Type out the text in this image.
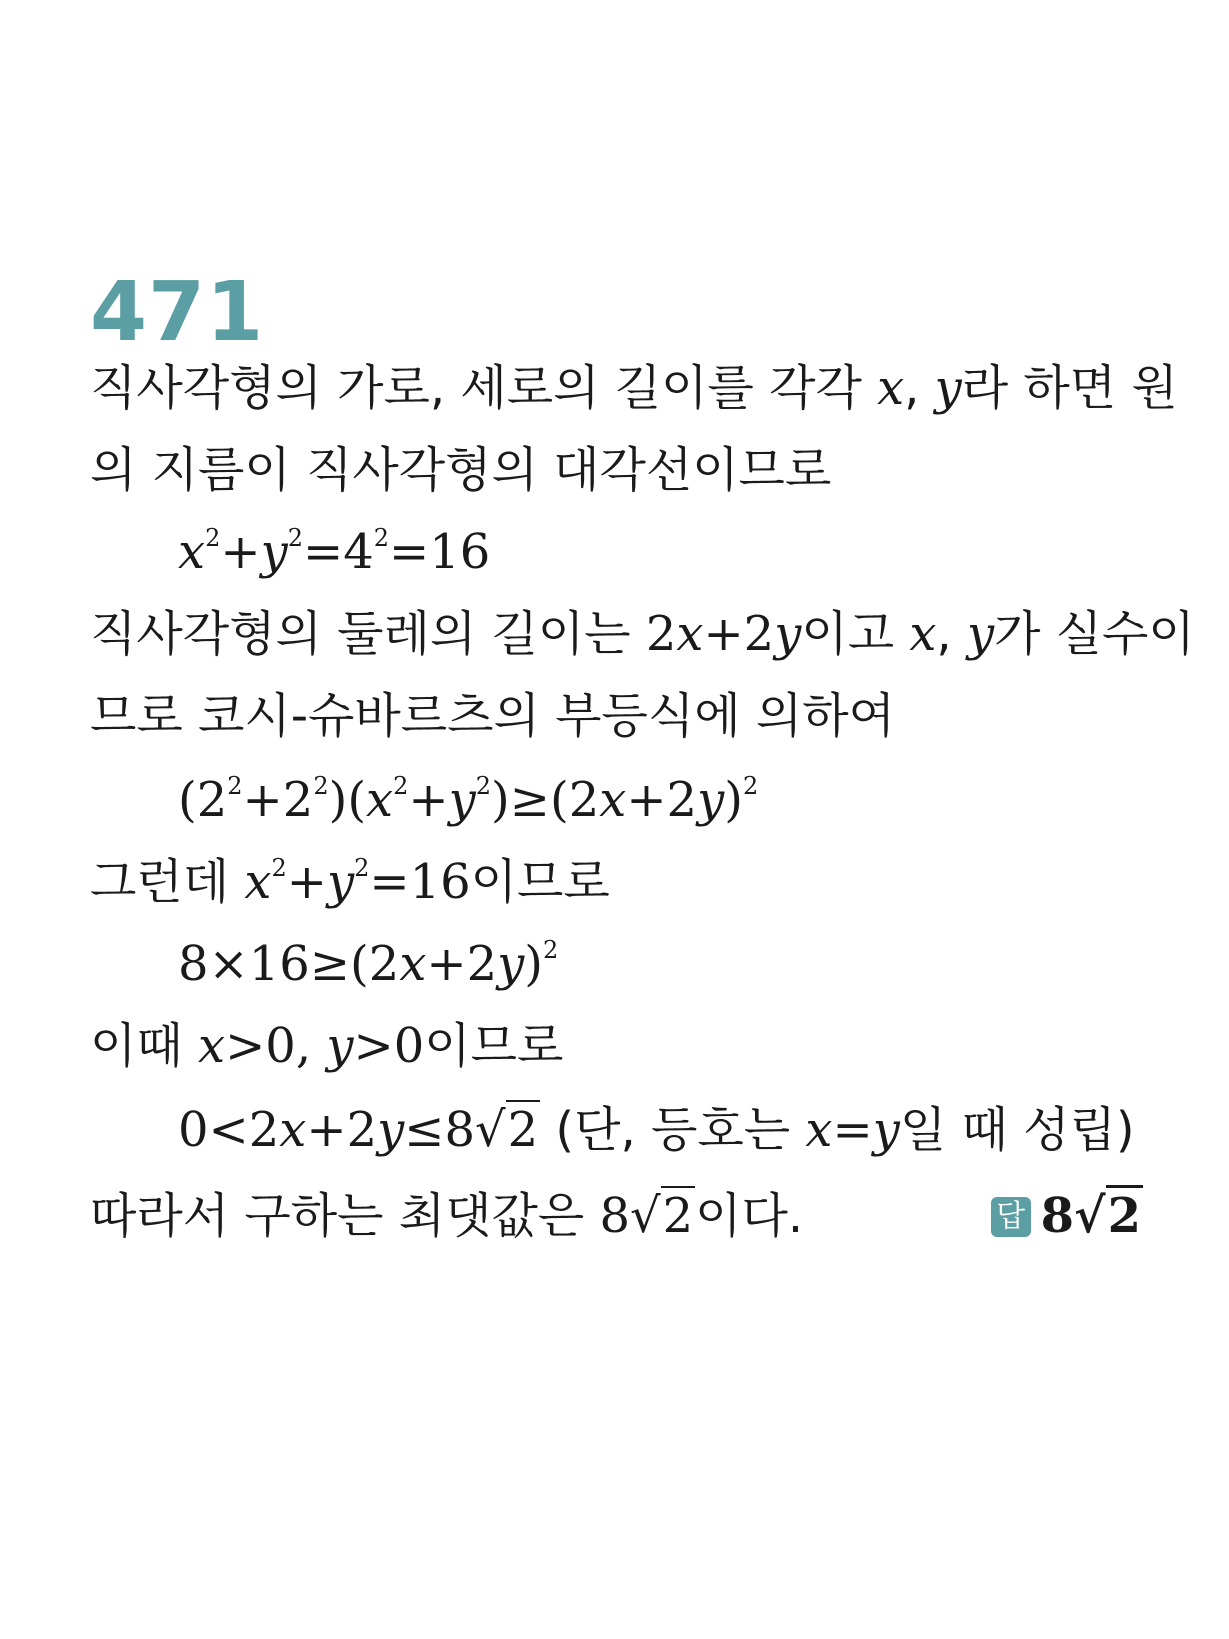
471
직사각형의 가로, 세로의 길이를 각각 x, y라 하면 원
의 지름이 직사각형의 대각선이므로
$x^2+y^2=4^2=16$
직사각형의 둘레의 길이는 2x+2y이고 x, y가 실수이
므로 코시-슈바르츠의 부등식에 의하여
$(2^2+2^2)(x^2+y^2)\ge(2x+2y)^2$
그런데 $x^2+y^2=16$이므로
$8\times 16\ge(2x+2y)^2$
이때 x>0, y>0이므로
0<2x+2y≤8√2 (단, 등호는 x=y일 때 성립)
따라서 구하는 최댓값은 8√2이다.	답 8√2
